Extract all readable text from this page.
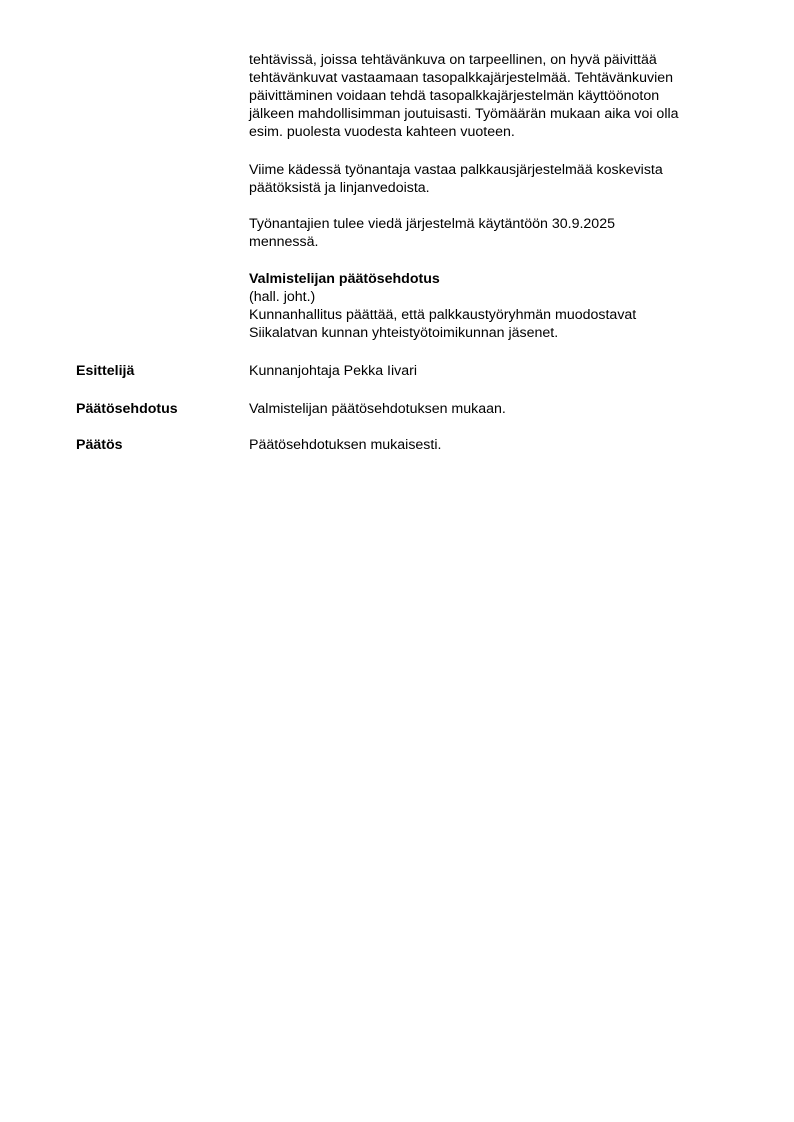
tehtävissä, joissa tehtävänkuva on tarpeellinen, on hyvä päivittää
tehtävänkuvat vastaamaan tasopalkkajärjestelmää. Tehtävänkuvien
päivittäminen voidaan tehdä tasopalkkajärjestelmän käyttöönoton
jälkeen mahdollisimman joutuisasti. Työmäärän mukaan aika voi olla
esim. puolesta vuodesta kahteen vuoteen.
Viime kädessä työnantaja vastaa palkkausjärjestelmää koskevista
päätöksistä ja linjanvedoista.
Työnantajien tulee viedä järjestelmä käytäntöön 30.9.2025
mennessä.
Valmistelijan päätösehdotus
(hall. joht.)
Kunnanhallitus päättää, että palkkaustyöryhmän muodostavat
Siikalatvan kunnan yhteistyötoimikunnan jäsenet.
Esittelijä	Kunnanjohtaja Pekka Iivari
Päätösehdotus	Valmistelijan päätösehdotuksen mukaan.
Päätös	Päätösehdotuksen mukaisesti.
